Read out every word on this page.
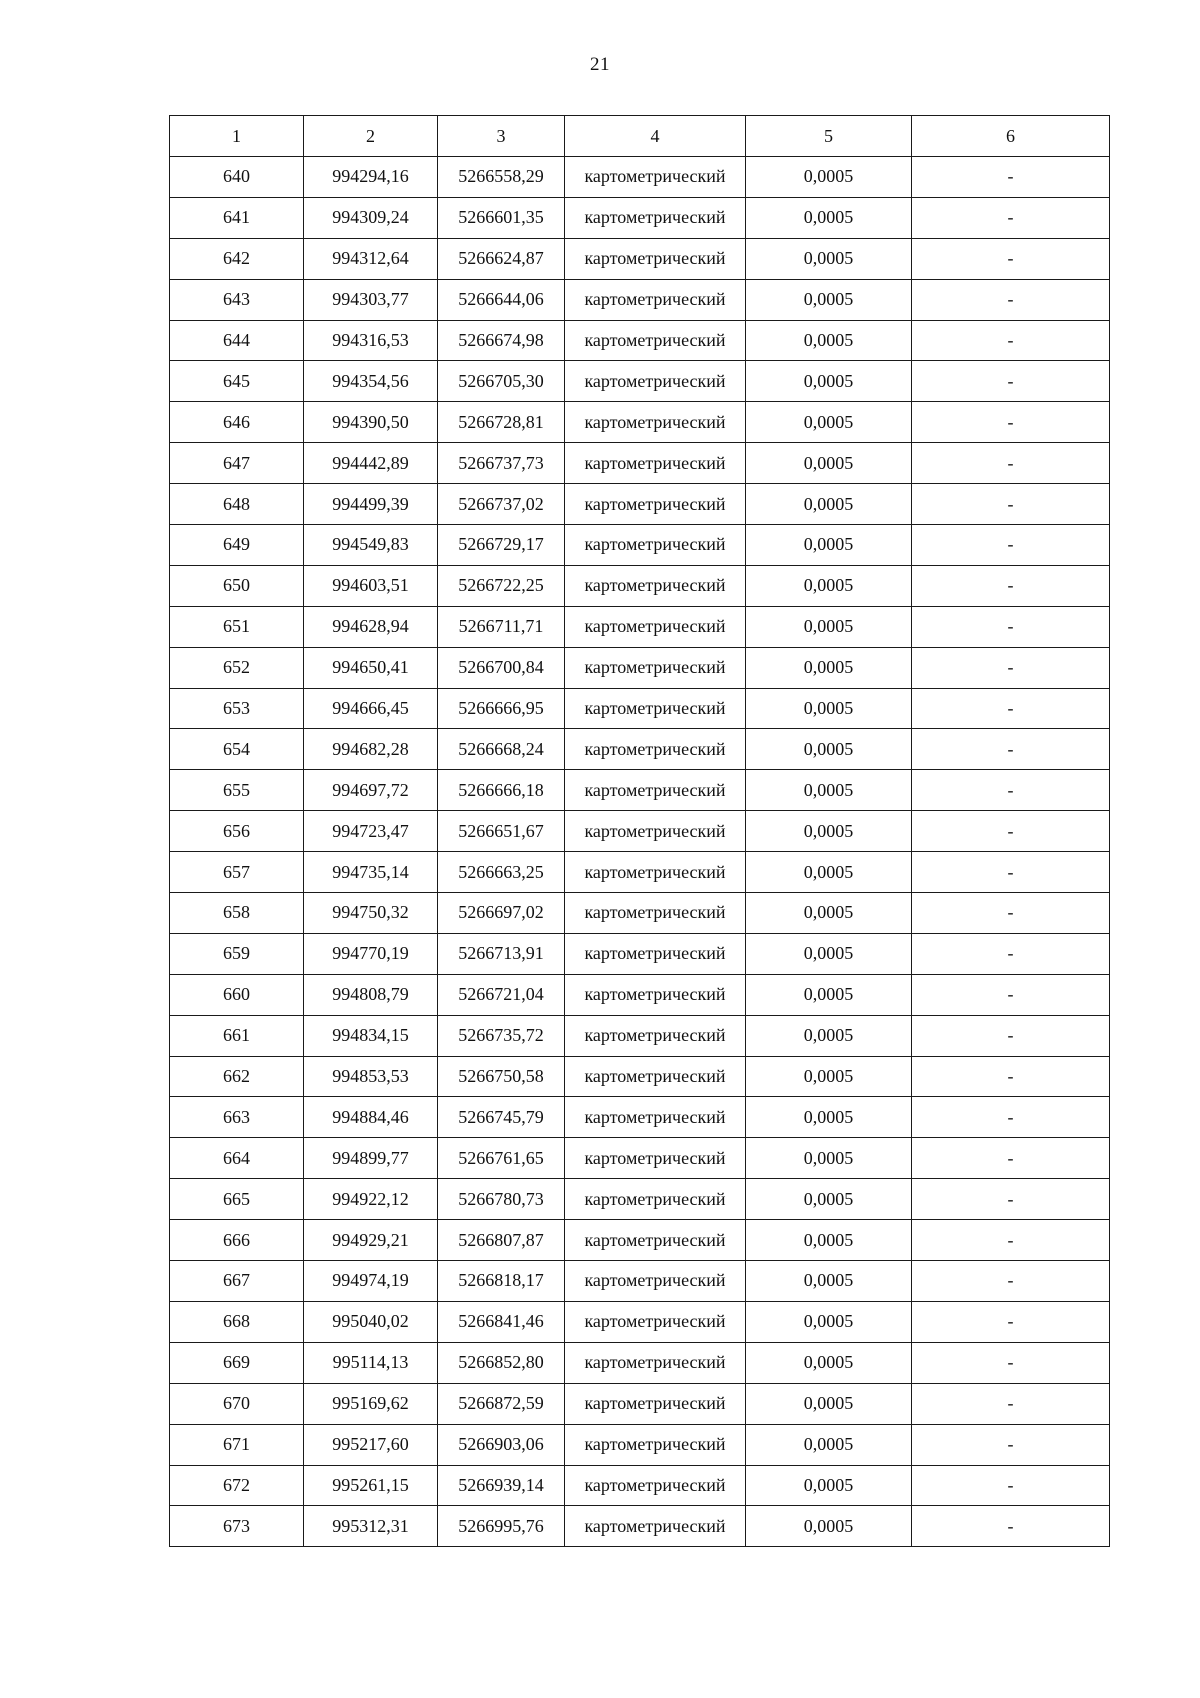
21
1	2	3	4	5	6
640	994294,16	5266558,29	картометрический	0,0005	-
641	994309,24	5266601,35	картометрический	0,0005	-
642	994312,64	5266624,87	картометрический	0,0005	-
643	994303,77	5266644,06	картометрический	0,0005	-
644	994316,53	5266674,98	картометрический	0,0005	-
645	994354,56	5266705,30	картометрический	0,0005	-
646	994390,50	5266728,81	картометрический	0,0005	-
647	994442,89	5266737,73	картометрический	0,0005	-
648	994499,39	5266737,02	картометрический	0,0005	-
649	994549,83	5266729,17	картометрический	0,0005	-
650	994603,51	5266722,25	картометрический	0,0005	-
651	994628,94	5266711,71	картометрический	0,0005	-
652	994650,41	5266700,84	картометрический	0,0005	-
653	994666,45	5266666,95	картометрический	0,0005	-
654	994682,28	5266668,24	картометрический	0,0005	-
655	994697,72	5266666,18	картометрический	0,0005	-
656	994723,47	5266651,67	картометрический	0,0005	-
657	994735,14	5266663,25	картометрический	0,0005	-
658	994750,32	5266697,02	картометрический	0,0005	-
659	994770,19	5266713,91	картометрический	0,0005	-
660	994808,79	5266721,04	картометрический	0,0005	-
661	994834,15	5266735,72	картометрический	0,0005	-
662	994853,53	5266750,58	картометрический	0,0005	-
663	994884,46	5266745,79	картометрический	0,0005	-
664	994899,77	5266761,65	картометрический	0,0005	-
665	994922,12	5266780,73	картометрический	0,0005	-
666	994929,21	5266807,87	картометрический	0,0005	-
667	994974,19	5266818,17	картометрический	0,0005	-
668	995040,02	5266841,46	картометрический	0,0005	-
669	995114,13	5266852,80	картометрический	0,0005	-
670	995169,62	5266872,59	картометрический	0,0005	-
671	995217,60	5266903,06	картометрический	0,0005	-
672	995261,15	5266939,14	картометрический	0,0005	-
673	995312,31	5266995,76	картометрический	0,0005	-
